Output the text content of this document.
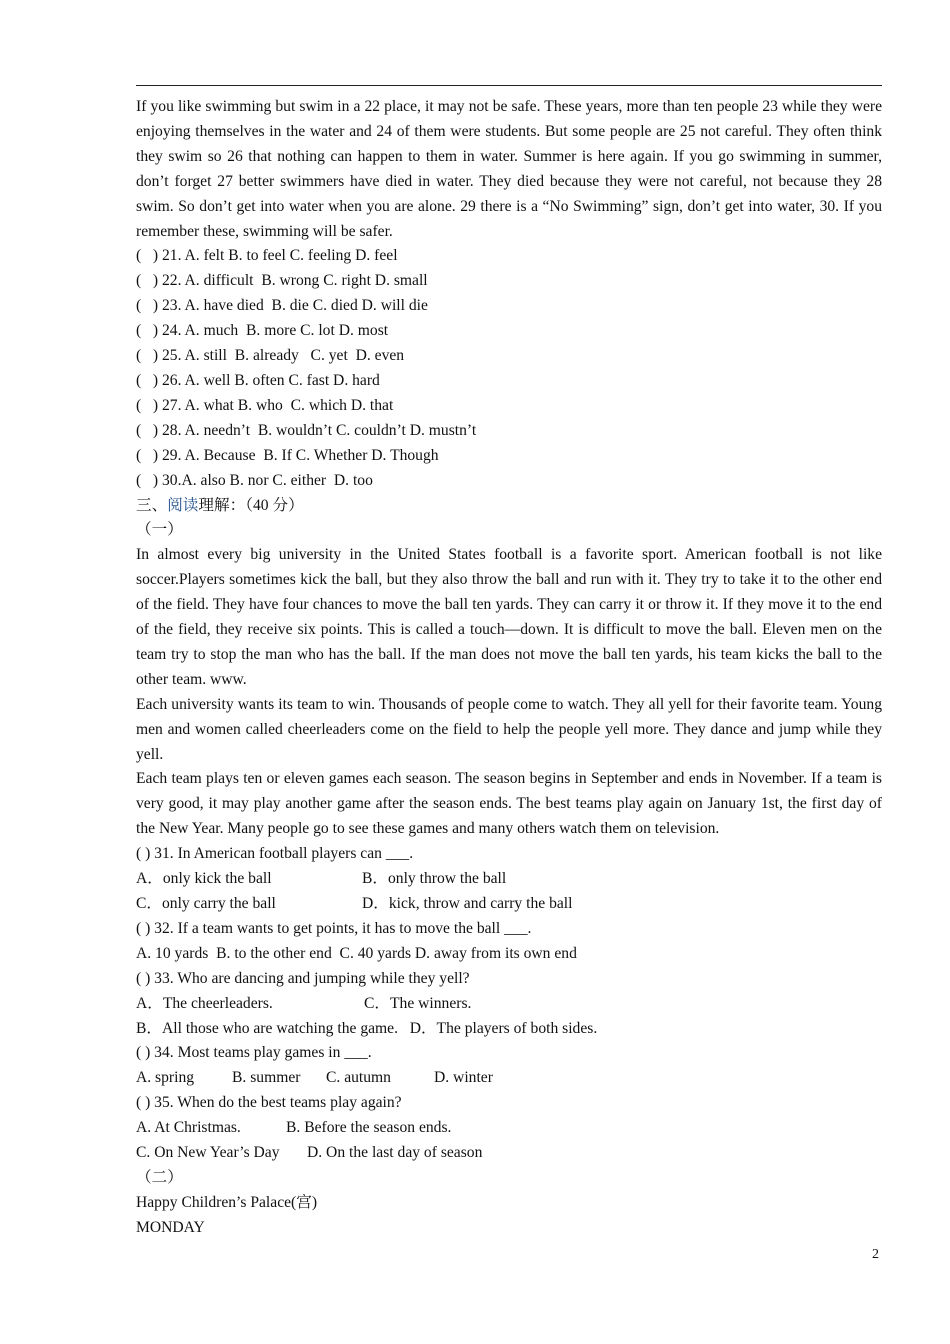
If you like swimming but swim in a 22 place, it may not be safe. These years, more than ten people 23 while they were enjoying themselves in the water and 24 of them were students. But some people are 25 not careful. They often think they swim so 26 that nothing can happen to them in water. Summer is here again. If you go swimming in summer, don’t forget 27 better swimmers have died in water. They died because they were not careful, not because they 28 swim. So don’t get into water when you are alone. 29 there is a “No Swimming” sign, don’t get into water, 30. If you remember these, swimming will be safer.

(   ) 21. A. felt B. to feel C. feeling D. feel

(   ) 22. A. difficult  B. wrong C. right D. small

(   ) 23. A. have died  B. die C. died D. will die

(   ) 24. A. much  B. more C. lot D. most

(   ) 25. A. still  B. already   C. yet  D. even

(   ) 26. A. well B. often C. fast D. hard

(   ) 27. A. what B. who  C. which D. that

(   ) 28. A. needn’t  B. wouldn’t C. couldn’t D. mustn’t

(   ) 29. A. Because  B. If C. Whether D. Though

(   ) 30.A. also B. nor C. either  D. too

三、阅读理解：（40 分）

（一）

In almost every big university in the United States football is a favorite sport. American football is not like soccer.Players sometimes kick the ball, but they also throw the ball and run with it. They try to take it to the other end of the field. They have four chances to move the ball ten yards. They can carry it or throw it. If they move it to the end of the field, they receive six points. This is called a touch—down. It is difficult to move the ball. Eleven men on the team try to stop the man who has the ball. If the man does not move the ball ten yards, his team kicks the ball to the other team. www.

Each university wants its team to win. Thousands of people come to watch. They all yell for their favorite team. Young men and women called cheerleaders come on the field to help the people yell more. They dance and jump while they yell.

Each team plays ten or eleven games each season. The season begins in September and ends in November. If a team is very good, it may play another game after the season ends. The best teams play again on January 1st, the first day of the New Year. Many people go to see these games and many others watch them on television.

( ) 31. In American football players can ___.

A．only kick the ball	B．only throw the ball

C．only carry the ball	D．kick, throw and carry the ball

( ) 32. If a team wants to get points, it has to move the ball ___.

A. 10 yards  B. to the other end  C. 40 yards D. away from its own end

( ) 33. Who are dancing and jumping while they yell?

A．The cheerleaders.	C．The winners.

B．All those who are watching the game. D．The players of both sides.

( ) 34. Most teams play games in ___.

A. spring B. summer C. autumn	D. winter

( ) 35. When do the best teams play again?

A. At Christmas.	B. Before the season ends.

C. On New Year’s Day D. On the last day of season

（二）

Happy Children’s Palace(宫)

MONDAY

2
